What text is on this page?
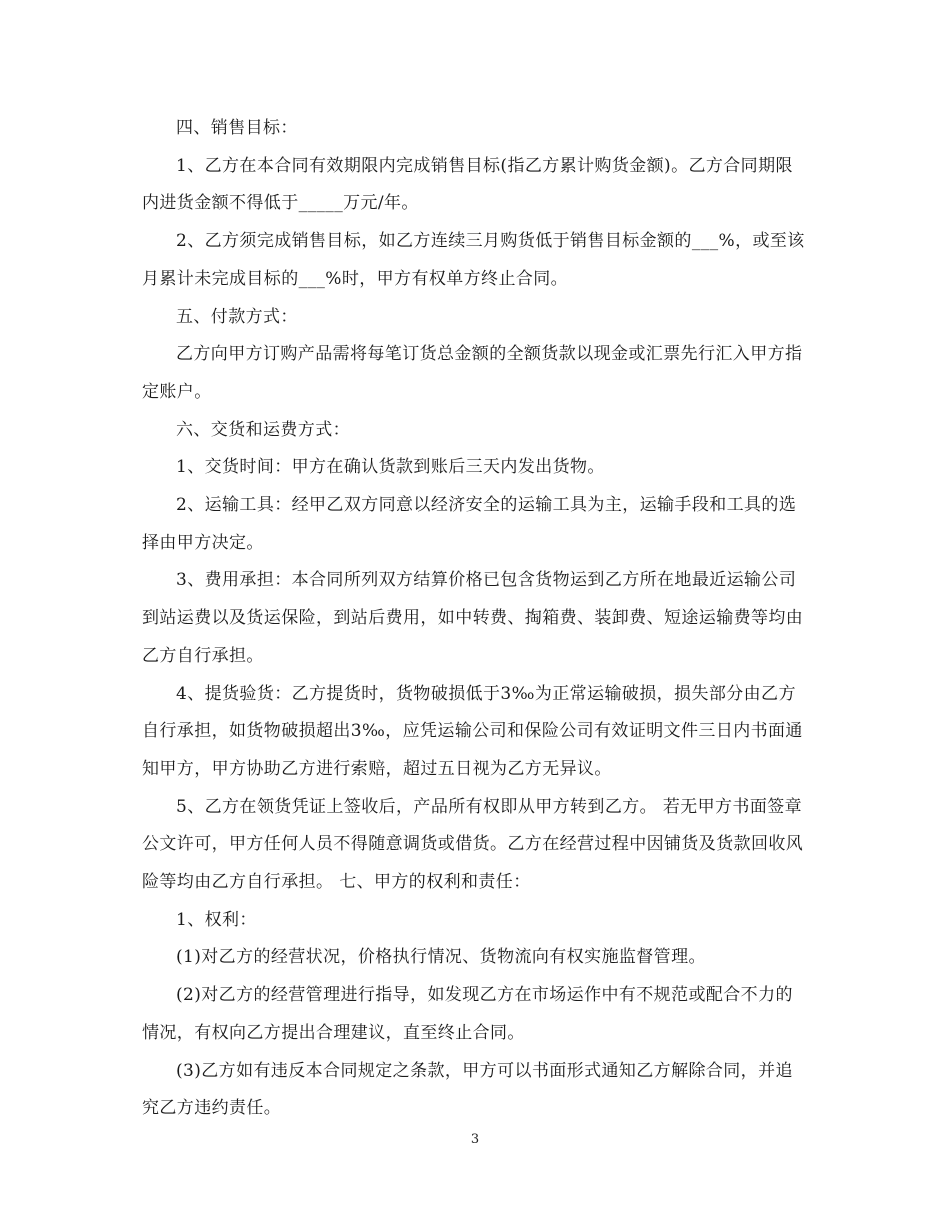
四、销售目标：

1、乙方在本合同有效期限内完成销售目标(指乙方累计购货金额)。乙方合同期限内进货金额不得低于_____万元/年。

2、乙方须完成销售目标，如乙方连续三月购货低于销售目标金额的___%，或至该月累计未完成目标的___%时，甲方有权单方终止合同。

五、付款方式：

乙方向甲方订购产品需将每笔订货总金额的全额货款以现金或汇票先行汇入甲方指定账户。

六、交货和运费方式：

1、交货时间：甲方在确认货款到账后三天内发出货物。

2、运输工具：经甲乙双方同意以经济安全的运输工具为主，运输手段和工具的选择由甲方决定。

3、费用承担：本合同所列双方结算价格已包含货物运到乙方所在地最近运输公司到站运费以及货运保险，到站后费用，如中转费、掏箱费、装卸费、短途运输费等均由乙方自行承担。

4、提货验货：乙方提货时，货物破损低于3‰为正常运输破损，损失部分由乙方自行承担，如货物破损超出3‰，应凭运输公司和保险公司有效证明文件三日内书面通知甲方，甲方协助乙方进行索赔，超过五日视为乙方无异议。

5、乙方在领货凭证上签收后，产品所有权即从甲方转到乙方。 若无甲方书面签章公文许可，甲方任何人员不得随意调货或借货。乙方在经营过程中因铺货及货款回收风险等均由乙方自行承担。 七、甲方的权利和责任：

1、权利：

(1)对乙方的经营状况，价格执行情况、货物流向有权实施监督管理。

(2)对乙方的经营管理进行指导，如发现乙方在市场运作中有不规范或配合不力的情况，有权向乙方提出合理建议，直至终止合同。

(3)乙方如有违反本合同规定之条款，甲方可以书面形式通知乙方解除合同，并追究乙方违约责任。

3
